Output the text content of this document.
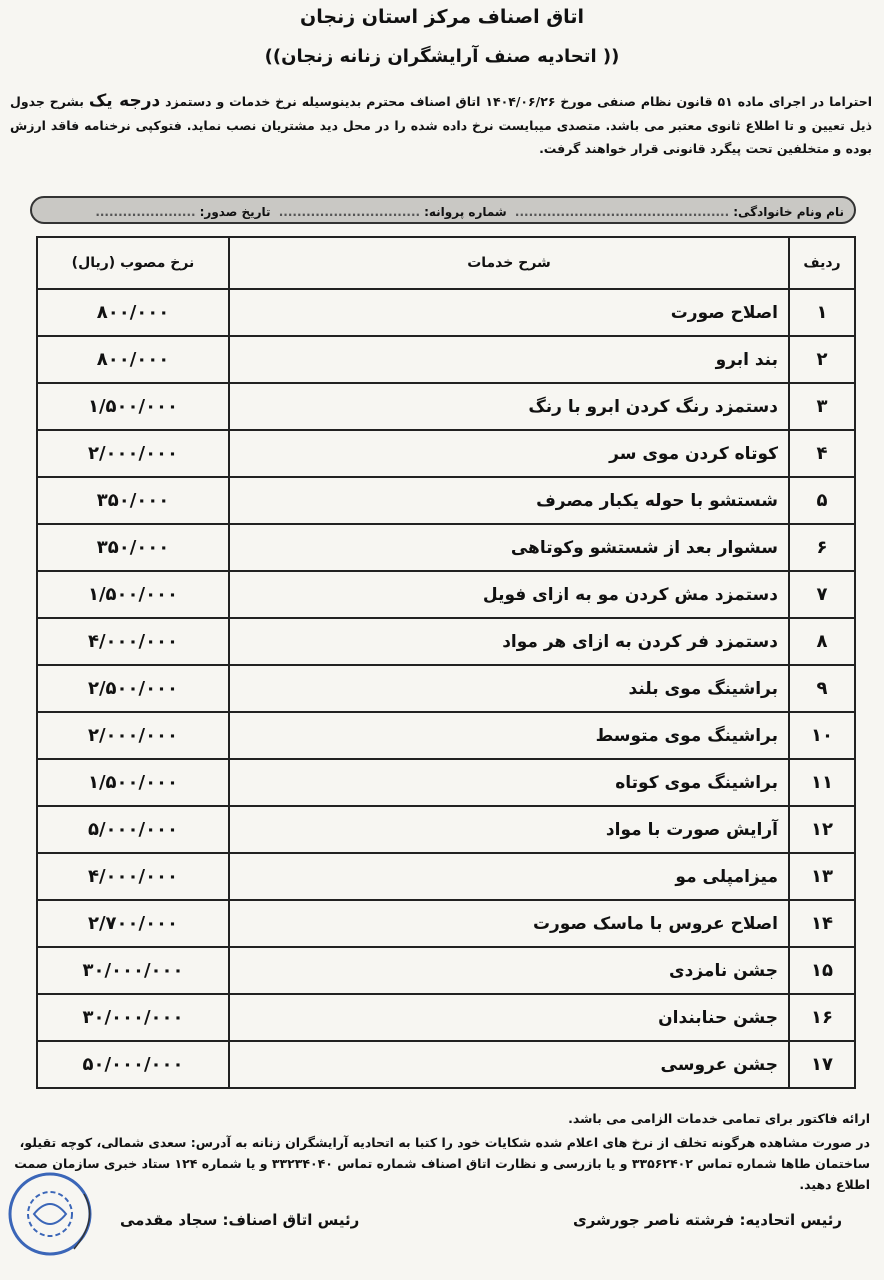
اتاق اصناف مرکز استان زنجان
(( اتحادیه صنف آرایشگران زنانه زنجان))
احتراما در اجرای ماده ۵۱ قانون نظام صنفی مورخ ۱۴۰۴/۰۶/۲۶ اتاق اصناف محترم بدینوسیله نرخ خدمات و دستمزد درجه یک بشرح جدول ذیل تعیین و تا اطلاع ثانوی معتبر می باشد. متصدی میبایست نرخ داده شده را در محل دید مشتریان نصب نماید. فتوکپی نرخنامه فاقد ارزش بوده و متخلفین تحت پیگرد قانونی قرار خواهند گرفت.
نام ونام خانوادگی:............................................... شماره پروانه:............................... تاریخ صدور:......................
ردیف	شرح خدمات	نرخ مصوب (ریال)
۱	اصلاح صورت	۸۰۰/۰۰۰
۲	بند ابرو	۸۰۰/۰۰۰
۳	دستمزد رنگ کردن ابرو با رنگ	۱/۵۰۰/۰۰۰
۴	کوتاه کردن موی سر	۲/۰۰۰/۰۰۰
۵	شستشو با حوله یکبار مصرف	۳۵۰/۰۰۰
۶	سشوار بعد از شستشو وکوتاهی	۳۵۰/۰۰۰
۷	دستمزد مش کردن مو به ازای فویل	۱/۵۰۰/۰۰۰
۸	دستمزد فر کردن به ازای هر مواد	۴/۰۰۰/۰۰۰
۹	براشینگ موی بلند	۲/۵۰۰/۰۰۰
۱۰	براشینگ موی متوسط	۲/۰۰۰/۰۰۰
۱۱	براشینگ موی کوتاه	۱/۵۰۰/۰۰۰
۱۲	آرایش صورت با مواد	۵/۰۰۰/۰۰۰
۱۳	میزامپلی مو	۴/۰۰۰/۰۰۰
۱۴	اصلاح عروس با ماسک صورت	۲/۷۰۰/۰۰۰
۱۵	جشن نامزدی	۳۰/۰۰۰/۰۰۰
۱۶	جشن حنابندان	۳۰/۰۰۰/۰۰۰
۱۷	جشن عروسی	۵۰/۰۰۰/۰۰۰
ارائه فاکتور برای تمامی خدمات الزامی می باشد.
در صورت مشاهده هرگونه تخلف از نرخ های اعلام شده شکایات خود را کتبا به اتحادیه آرایشگران زنانه به آدرس: سعدی شمالی، کوچه تقیلو، ساختمان طاها شماره تماس ۳۳۵۶۲۴۰۲ و یا بازرسی و نظارت اتاق اصناف شماره تماس ۳۳۲۳۴۰۴۰ و یا شماره ۱۲۴ ستاد خبری سازمان صمت اطلاع دهید.
رئیس اتحادیه: فرشته ناصر جورشری
رئیس اتاق اصناف: سجاد مقدمی
